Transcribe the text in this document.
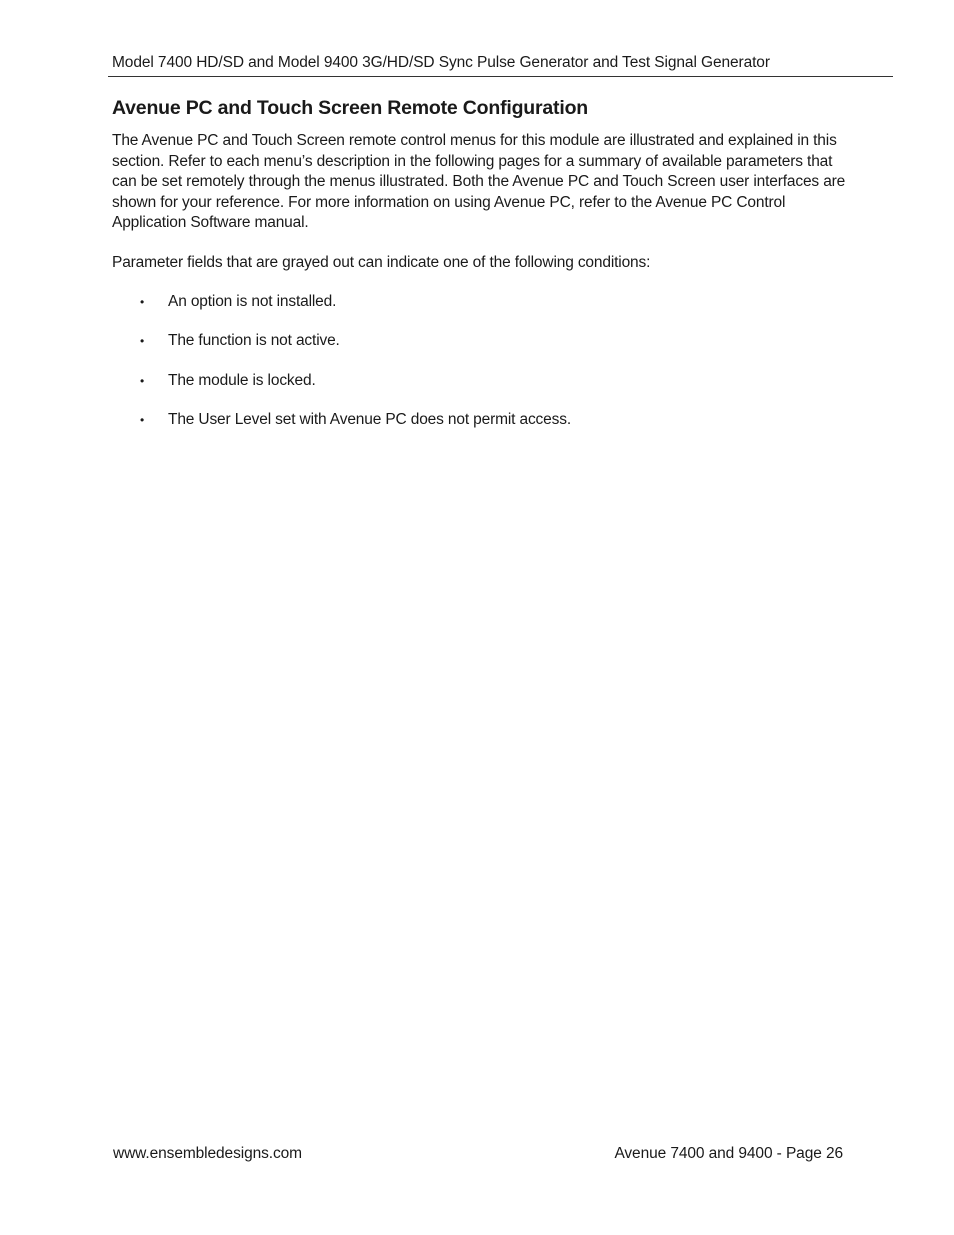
Model 7400 HD/SD and Model 9400 3G/HD/SD Sync Pulse Generator and Test Signal Generator
Avenue PC and Touch Screen Remote Configuration

The Avenue PC and Touch Screen remote control menus for this module are illustrated and explained in this section. Refer to each menu’s description in the following pages for a summary of available parameters that can be set remotely through the menus illustrated. Both the Avenue PC and Touch Screen user interfaces are shown for your reference. For more information on using Avenue PC, refer to the Avenue PC Control Application Software manual.

Parameter fields that are grayed out can indicate one of the following conditions:

• An option is not installed.
• The function is not active.
• The module is locked.
• The User Level set with Avenue PC does not permit access.
www.ensembledesigns.com	Avenue 7400 and 9400 - Page 26
